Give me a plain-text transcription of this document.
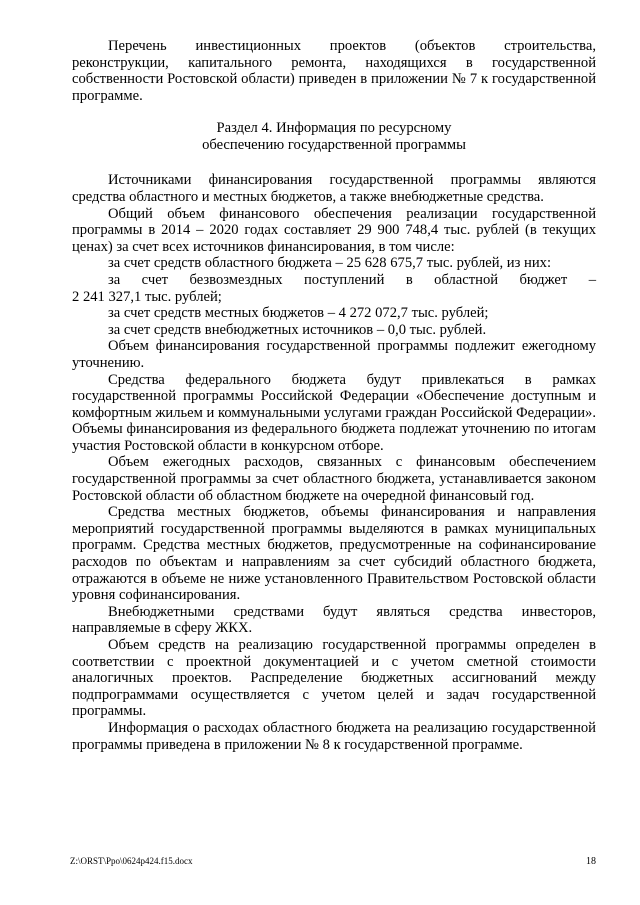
Перечень инвестиционных проектов (объектов строительства, реконструкции, капитального ремонта, находящихся в государственной собственности Ростовской области) приведен в приложении № 7 к государственной программе.

Раздел 4. Информация по ресурсному
обеспечению государственной программы

Источниками финансирования государственной программы являются средства областного и местных бюджетов, а также внебюджетные средства.

Общий объем финансового обеспечения реализации государственной программы в 2014 – 2020 годах составляет 29 900 748,4 тыс. рублей (в текущих ценах) за счет всех источников финансирования, в том числе:

за счет средств областного бюджета – 25 628 675,7 тыс. рублей, из них:

за счет безвозмездных поступлений в областной бюджет –

2 241 327,1 тыс. рублей;

за счет средств местных бюджетов – 4 272 072,7 тыс. рублей;

за счет средств внебюджетных источников – 0,0 тыс. рублей.

Объем финансирования государственной программы подлежит ежегодному уточнению.

Средства федерального бюджета будут привлекаться в рамках государственной программы Российской Федерации «Обеспечение доступным и комфортным жильем и коммунальными услугами граждан Российской Федерации». Объемы финансирования из федерального бюджета подлежат уточнению по итогам участия Ростовской области в конкурсном отборе.

Объем ежегодных расходов, связанных с финансовым обеспечением государственной программы за счет областного бюджета, устанавливается законом Ростовской области об областном бюджете на очередной финансовый год.

Средства местных бюджетов, объемы финансирования и направления мероприятий государственной программы выделяются в рамках муниципальных программ. Средства местных бюджетов, предусмотренные на софинансирование расходов по объектам и направлениям за счет субсидий областного бюджета, отражаются в объеме не ниже установленного Правительством Ростовской области уровня софинансирования.

Внебюджетными средствами будут являться средства инвесторов, направляемые в сферу ЖКХ.

Объем средств на реализацию государственной программы определен в соответствии с проектной документацией и с учетом сметной стоимости аналогичных проектов. Распределение бюджетных ассигнований между подпрограммами осуществляется с учетом целей и задач государственной программы.

Информация о расходах областного бюджета на реализацию государственной программы приведена в приложении № 8 к государственной программе.

Z:\ORST\Ppo\0624p424.f15.docx	18
